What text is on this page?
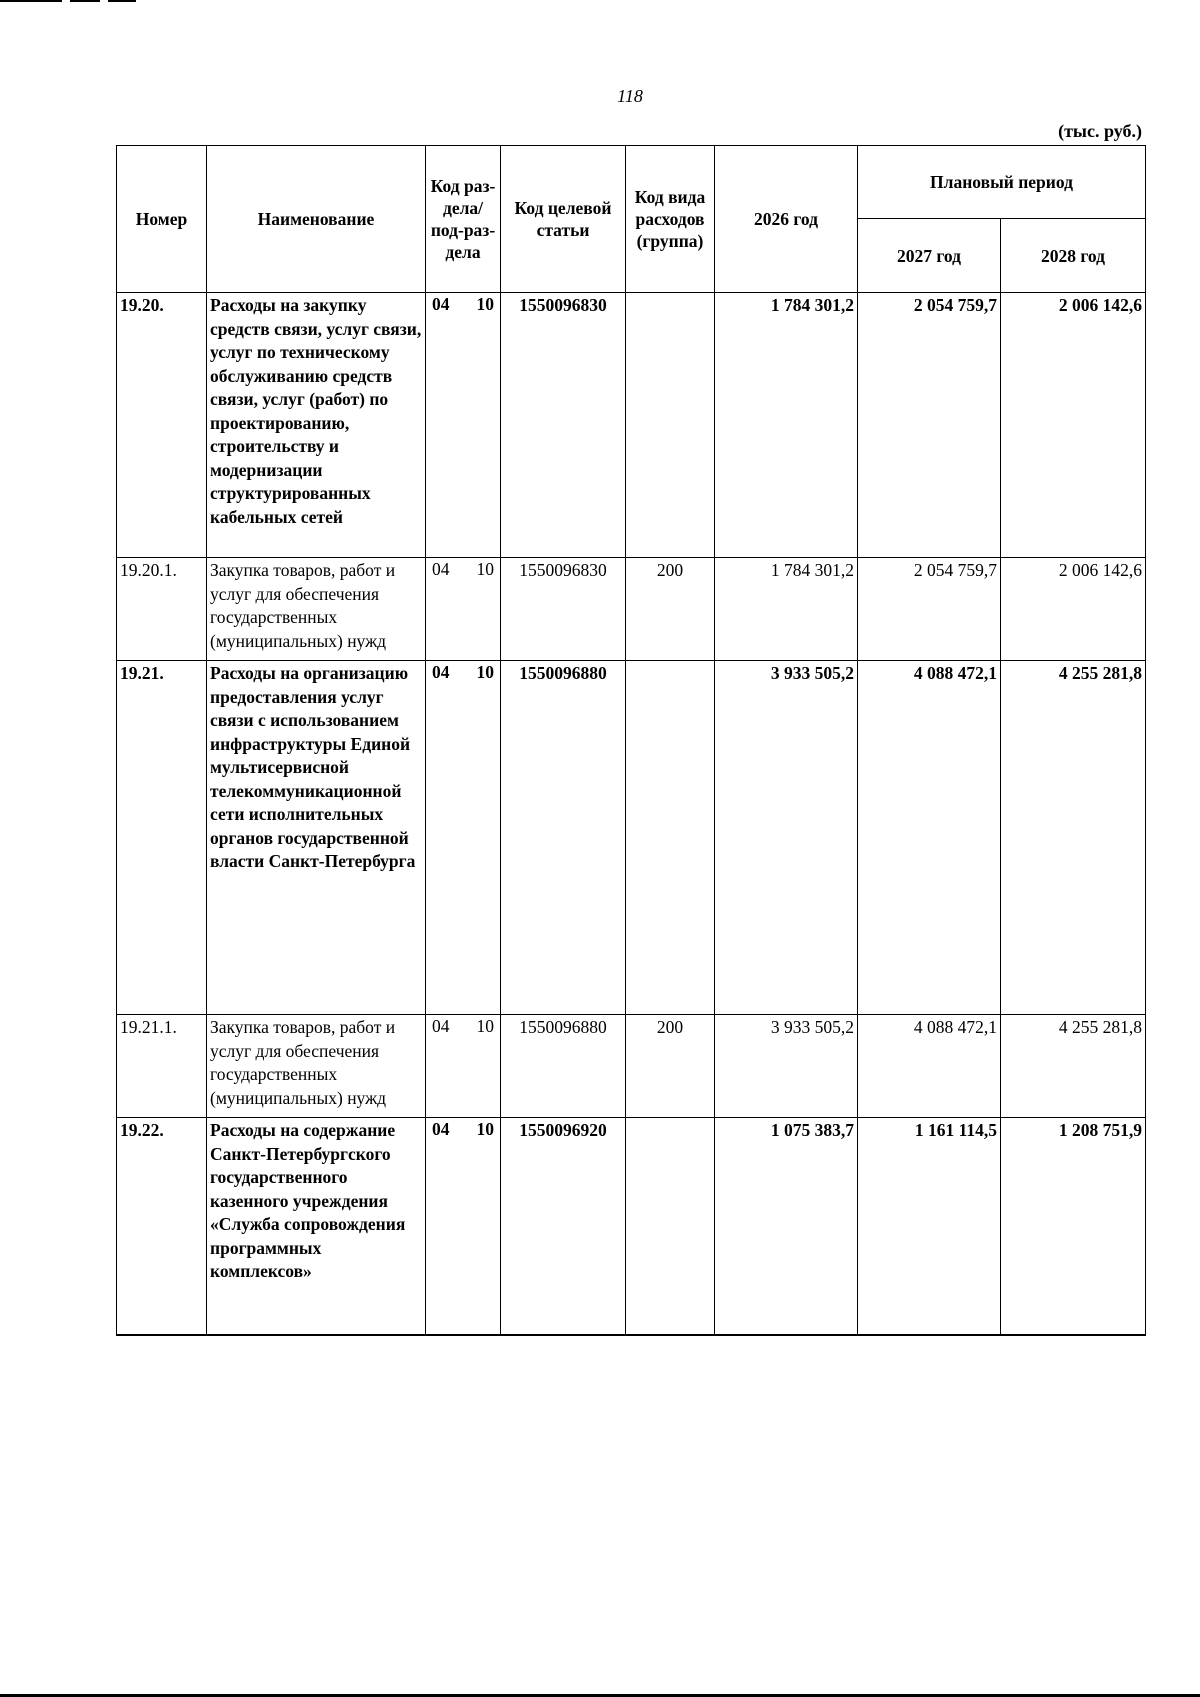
118
(тыс. руб.)
Номер	Наименование	Код раз-дела/ под-раз-дела	Код целевой статьи	Код вида расходов (группа)	2026 год	Плановый период	
						2027 год	2028 год
19.20.	Расходы на закупку средств связи, услуг связи, услуг по техническому обслуживанию средств связи, услуг (работ) по проектированию, строительству и модернизации структурированных кабельных сетей	04 10	1550096830		1 784 301,2	2 054 759,7	2 006 142,6
19.20.1.	Закупка товаров, работ и услуг для обеспечения государственных (муниципальных) нужд	04 10	1550096830	200	1 784 301,2	2 054 759,7	2 006 142,6
19.21.	Расходы на организацию предоставления услуг связи с использованием инфраструктуры Единой мультисервисной телекоммуникационной сети исполнительных органов государственной власти Санкт-Петербурга	04 10	1550096880		3 933 505,2	4 088 472,1	4 255 281,8
19.21.1.	Закупка товаров, работ и услуг для обеспечения государственных (муниципальных) нужд	04 10	1550096880	200	3 933 505,2	4 088 472,1	4 255 281,8
19.22.	Расходы на содержание Санкт-Петербургского государственного казенного учреждения «Служба сопровождения программных комплексов»	04 10	1550096920		1 075 383,7	1 161 114,5	1 208 751,9
